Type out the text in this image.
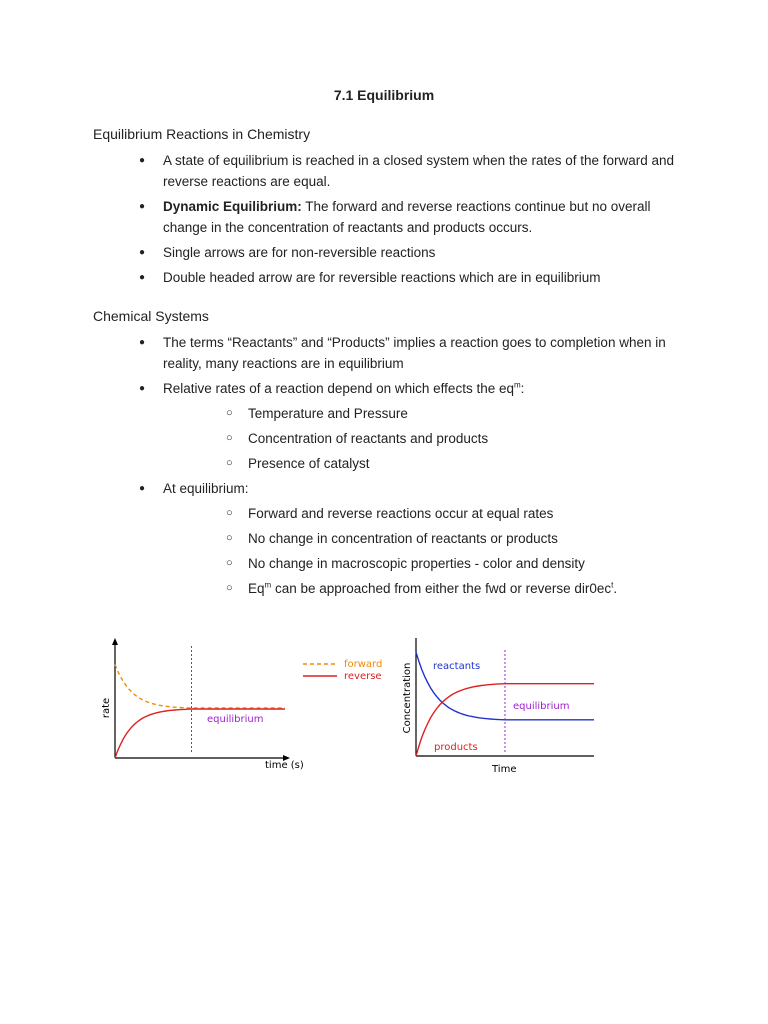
7.1 Equilibrium
Equilibrium Reactions in Chemistry
● A state of equilibrium is reached in a closed system when the rates of the forward and reverse reactions are equal.
● Dynamic Equilibrium: The forward and reverse reactions continue but no overall change in the concentration of reactants and products occurs.
● Single arrows are for non-reversible reactions
● Double headed arrow are for reversible reactions which are in equilibrium
Chemical Systems
● The terms “Reactants” and “Products” implies a reaction goes to completion when in reality, many reactions are in equilibrium
● Relative rates of a reaction depend on which effects the $eq^m$:
○ Temperature and Pressure
○ Concentration of reactants and products
○ Presence of catalyst
● At equilibrium:
○ Forward and reverse reactions occur at equal rates
○ No change in concentration of reactants or products
○ No change in macroscopic properties - color and density
○ Eq$^m$ can be approached from either the fwd or reverse $dir0ec^t$.
rate
time (s)
equilibrium
forward
reverse Concentration
Time
equilibrium
reactants
products
